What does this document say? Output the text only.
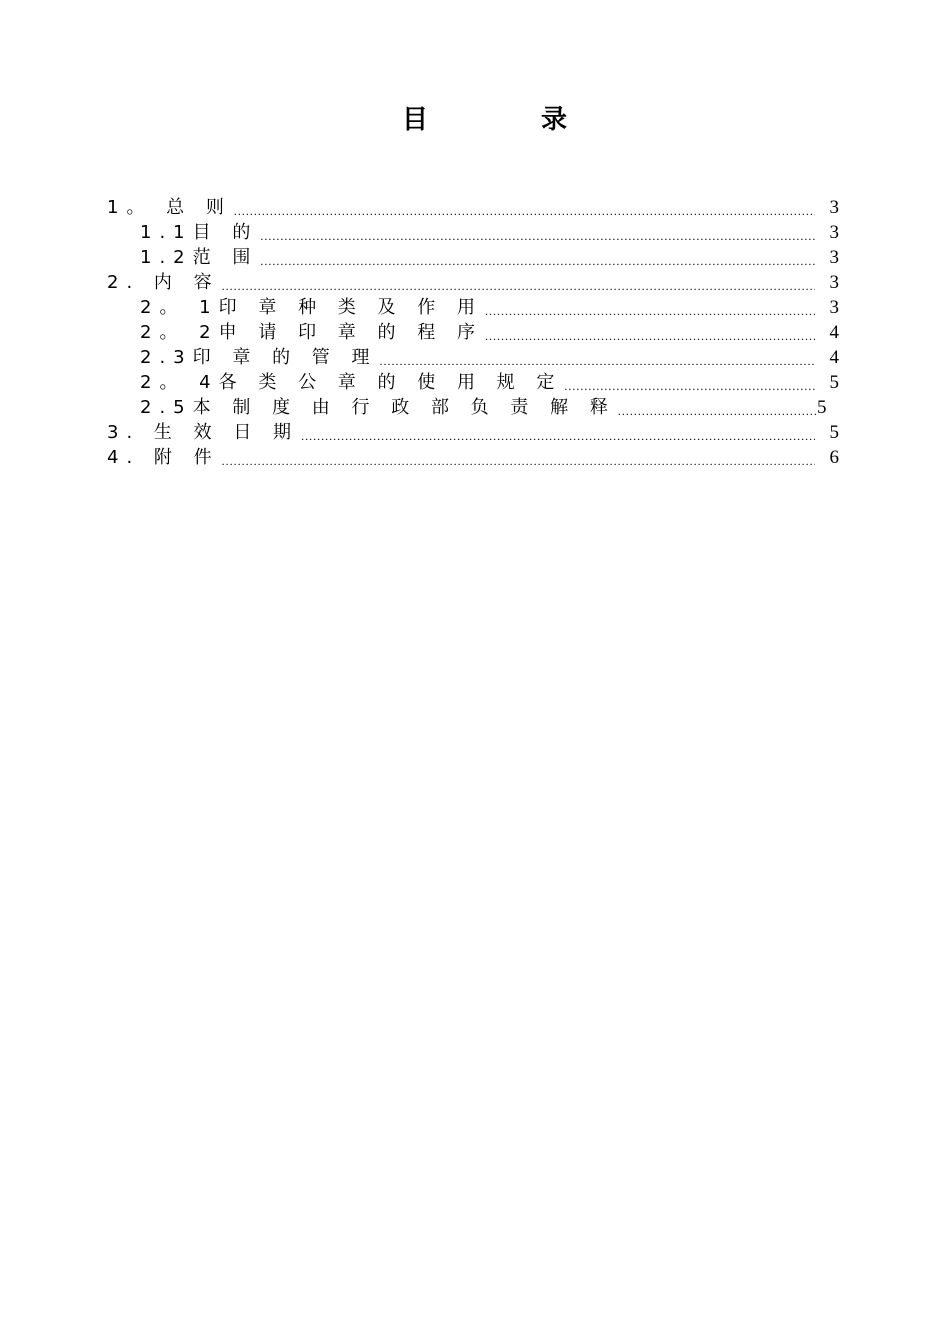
目 录
1。 总 则 .....	3
1.1目 的 .....	3
1.2范 围 .....	3
2. 内 容 .....	3
2。 1印 章 种 类 及 作 用 .....	3
2。 2申 请 印 章 的 程 序 .....	4
2.3印 章 的 管 理 .....	4
2。 4各 类 公 章 的 使 用 规 定 .....	5
2.5本 制 度 由 行 政 部 负 责 解 释 .....	5
3. 生 效 日 期 .....	5
4. 附 件 .....	6
